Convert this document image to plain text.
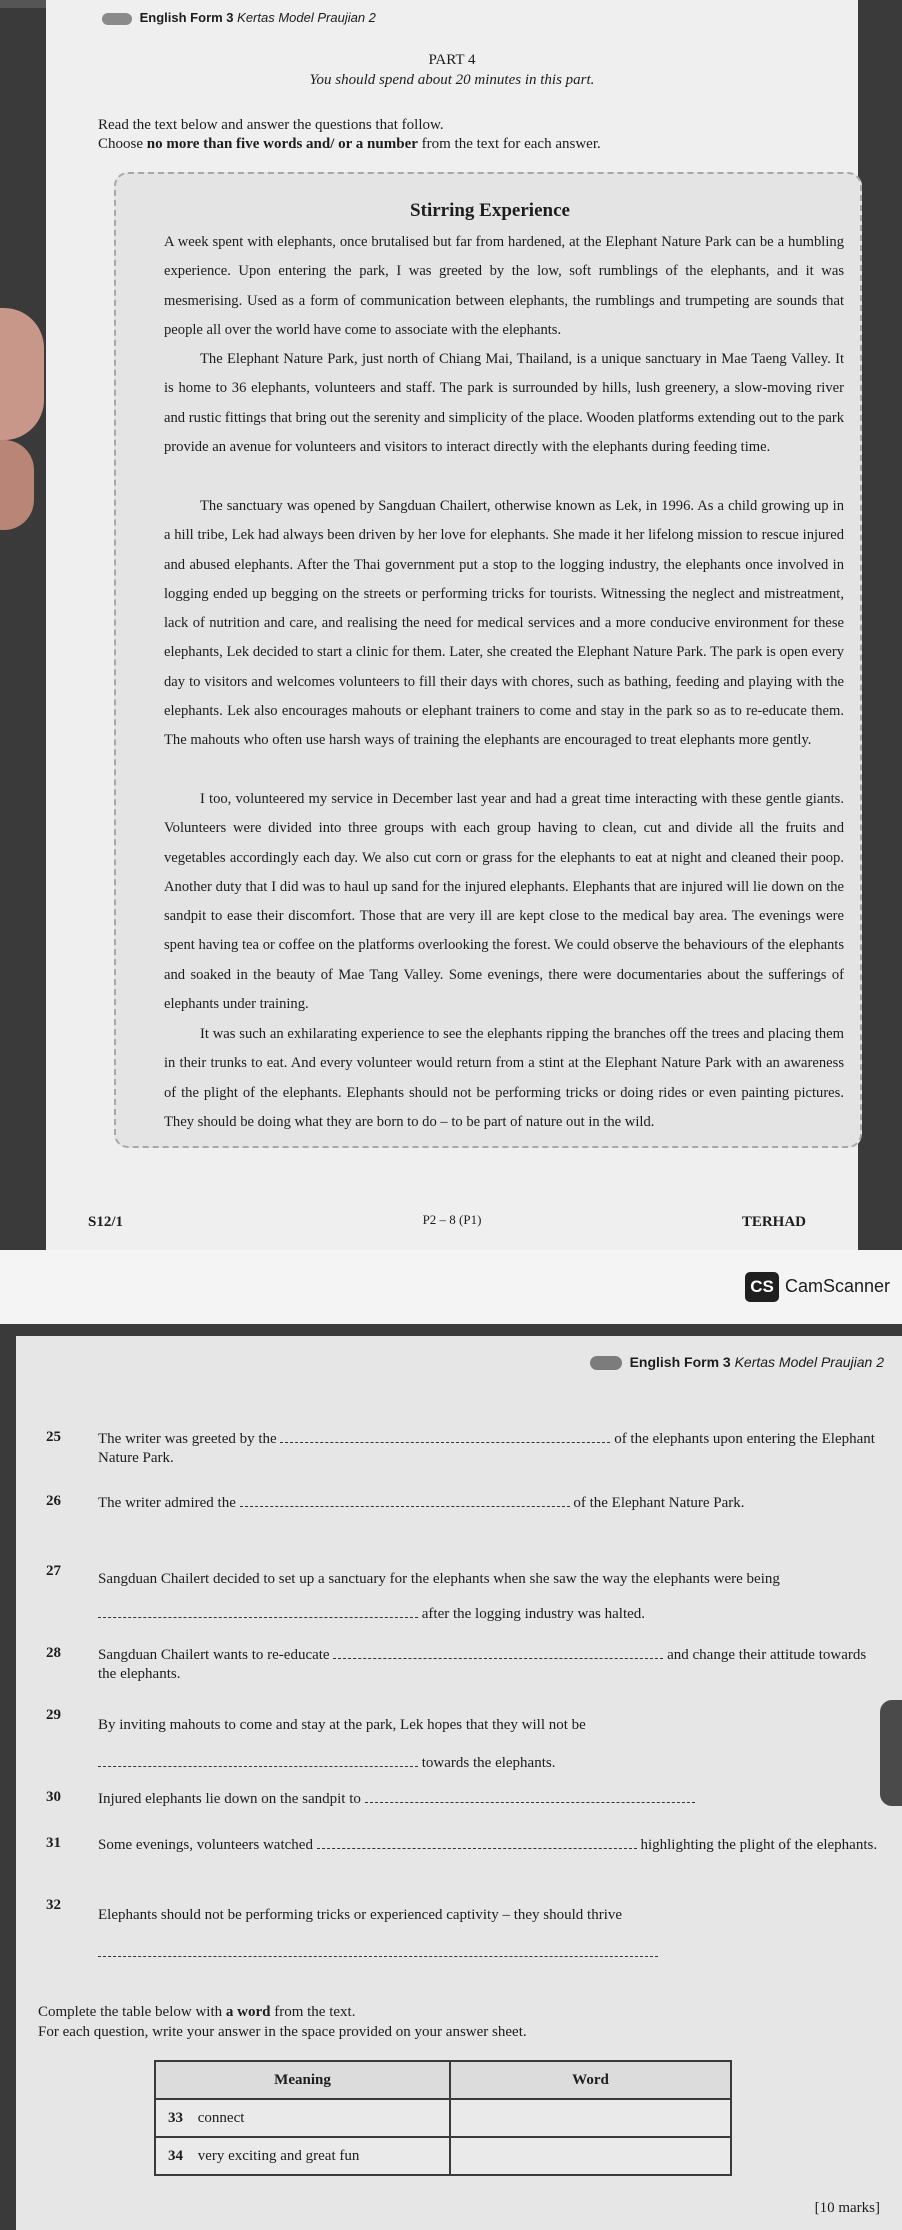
English Form 3 Kertas Model Praujian 2
PART 4
You should spend about 20 minutes in this part.
Read the text below and answer the questions that follow.
Choose no more than five words and/ or a number from the text for each answer.
Stirring Experience

A week spent with elephants, once brutalised but far from hardened, at the Elephant Nature Park can be a humbling experience. Upon entering the park, I was greeted by the low, soft rumblings of the elephants, and it was mesmerising. Used as a form of communication between elephants, the rumblings and trumpeting are sounds that people all over the world have come to associate with the elephants.

The Elephant Nature Park, just north of Chiang Mai, Thailand, is a unique sanctuary in Mae Taeng Valley. It is home to 36 elephants, volunteers and staff. The park is surrounded by hills, lush greenery, a slow-moving river and rustic fittings that bring out the serenity and simplicity of the place. Wooden platforms extending out to the park provide an avenue for volunteers and visitors to interact directly with the elephants during feeding time.

The sanctuary was opened by Sangduan Chailert, otherwise known as Lek, in 1996. As a child growing up in a hill tribe, Lek had always been driven by her love for elephants. She made it her lifelong mission to rescue injured and abused elephants. After the Thai government put a stop to the logging industry, the elephants once involved in logging ended up begging on the streets or performing tricks for tourists. Witnessing the neglect and mistreatment, lack of nutrition and care, and realising the need for medical services and a more conducive environment for these elephants, Lek decided to start a clinic for them. Later, she created the Elephant Nature Park. The park is open every day to visitors and welcomes volunteers to fill their days with chores, such as bathing, feeding and playing with the elephants. Lek also encourages mahouts or elephant trainers to come and stay in the park so as to re-educate them. The mahouts who often use harsh ways of training the elephants are encouraged to treat elephants more gently.

I too, volunteered my service in December last year and had a great time interacting with these gentle giants. Volunteers were divided into three groups with each group having to clean, cut and divide all the fruits and vegetables accordingly each day. We also cut corn or grass for the elephants to eat at night and cleaned their poop. Another duty that I did was to haul up sand for the injured elephants. Elephants that are injured will lie down on the sandpit to ease their discomfort. Those that are very ill are kept close to the medical bay area. The evenings were spent having tea or coffee on the platforms overlooking the forest. We could observe the behaviours of the elephants and soaked in the beauty of Mae Tang Valley. Some evenings, there were documentaries about the sufferings of elephants under training.

It was such an exhilarating experience to see the elephants ripping the branches off the trees and placing them in their trunks to eat. And every volunteer would return from a stint at the Elephant Nature Park with an awareness of the plight of the elephants. Elephants should not be performing tricks or doing rides or even painting pictures. They should be doing what they are born to do – to be part of nature out in the wild.

S12/1	P2 – 8 (P1)	TERHAD
CS CamScanner
English Form 3 Kertas Model Praujian 2
25 The writer was greeted by the	of the elephants upon entering the Elephant Nature Park.
26 The writer admired the	of the Elephant Nature Park.
27 Sangduan Chailert decided to set up a sanctuary for the elephants when she saw the way the elephants were being  after the logging industry was halted.
28 Sangduan Chailert wants to re-educate	and change their attitude towards the elephants.
29
By inviting mahouts to come and stay at the park, Lek hopes that they will not be  towards the elephants.
30 Injured elephants lie down on the sandpit to
31 Some evenings, volunteers watched	highlighting the plight of the elephants.
32
Elephants should not be performing tricks or experienced captivity – they should thrive

Complete the table below with a word from the text.
For each question, write your answer in the space provided on your answer sheet.
Meaning	Word
33 connect	
34 very exciting and great fun	
[10 marks]
